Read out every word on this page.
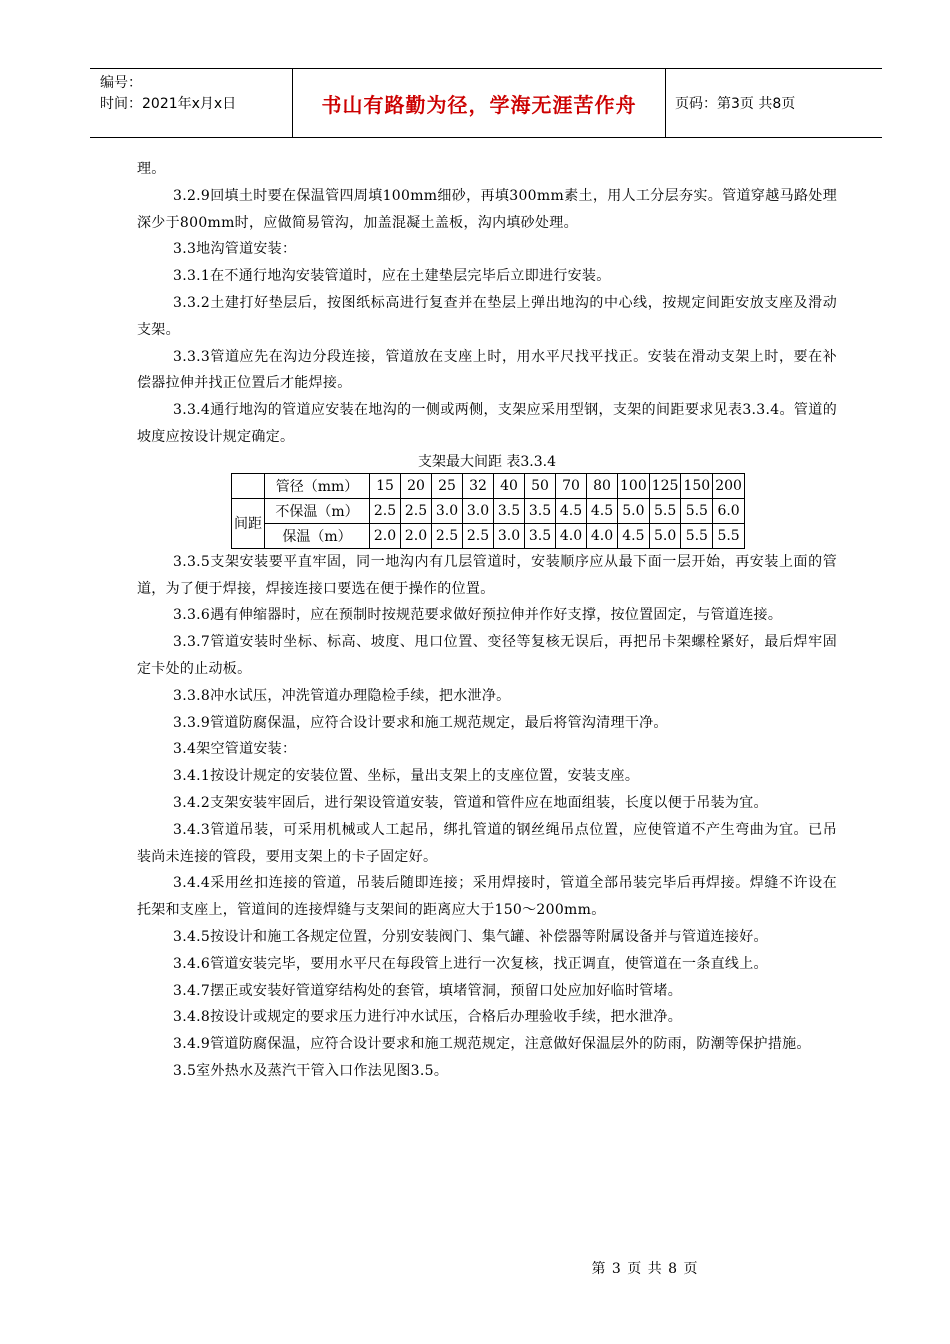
编号：
时间：2021年x月x日	书山有路勤为径，学海无涯苦作舟	页码：第3页 共8页

理。

3.2.9回填土时要在保温管四周填100mm细砂，再填300mm素土，用人工分层夯实。管道穿越马路处理深少于800mm时，应做简易管沟，加盖混凝土盖板，沟内填砂处理。

3.3地沟管道安装：

3.3.1在不通行地沟安装管道时，应在土建垫层完毕后立即进行安装。

3.3.2土建打好垫层后，按图纸标高进行复查并在垫层上弹出地沟的中心线，按规定间距安放支座及滑动支架。

3.3.3管道应先在沟边分段连接，管道放在支座上时，用水平尺找平找正。安装在滑动支架上时，要在补偿器拉伸并找正位置后才能焊接。

3.3.4通行地沟的管道应安装在地沟的一侧或两侧，支架应采用型钢，支架的间距要求见表3.3.4。管道的坡度应按设计规定确定。

支架最大间距 表3.3.4

	管径（mm）	15	20	25	32	40	50	70	80	100	125	150	200
间距	不保温（m）	2.5	2.5	3.0	3.0	3.5	3.5	4.5	4.5	5.0	5.5	5.5	6.0
	保温（m）	2.0	2.0	2.5	2.5	3.0	3.5	4.0	4.0	4.5	5.0	5.5	5.5

3.3.5支架安装要平直牢固，同一地沟内有几层管道时，安装顺序应从最下面一层开始，再安装上面的管道，为了便于焊接，焊接连接口要选在便于操作的位置。

3.3.6遇有伸缩器时，应在预制时按规范要求做好预拉伸并作好支撑，按位置固定，与管道连接。

3.3.7管道安装时坐标、标高、坡度、甩口位置、变径等复核无误后，再把吊卡架螺栓紧好，最后焊牢固定卡处的止动板。

3.3.8冲水试压，冲洗管道办理隐检手续，把水泄净。

3.3.9管道防腐保温，应符合设计要求和施工规范规定，最后将管沟清理干净。

3.4架空管道安装：

3.4.1按设计规定的安装位置、坐标，量出支架上的支座位置，安装支座。

3.4.2支架安装牢固后，进行架设管道安装，管道和管件应在地面组装，长度以便于吊装为宜。

3.4.3管道吊装，可采用机械或人工起吊，绑扎管道的钢丝绳吊点位置，应使管道不产生弯曲为宜。已吊装尚未连接的管段，要用支架上的卡子固定好。

3.4.4采用丝扣连接的管道，吊装后随即连接；采用焊接时，管道全部吊装完毕后再焊接。焊缝不许设在托架和支座上，管道间的连接焊缝与支架间的距离应大于150～200mm。

3.4.5按设计和施工各规定位置，分别安装阀门、集气罐、补偿器等附属设备并与管道连接好。

3.4.6管道安装完毕，要用水平尺在每段管上进行一次复核，找正调直，使管道在一条直线上。

3.4.7摆正或安装好管道穿结构处的套管，填堵管洞，预留口处应加好临时管堵。

3.4.8按设计或规定的要求压力进行冲水试压，合格后办理验收手续，把水泄净。

3.4.9管道防腐保温，应符合设计要求和施工规范规定，注意做好保温层外的防雨，防潮等保护措施。

3.5室外热水及蒸汽干管入口作法见图3.5。

第 3 页 共 8 页
